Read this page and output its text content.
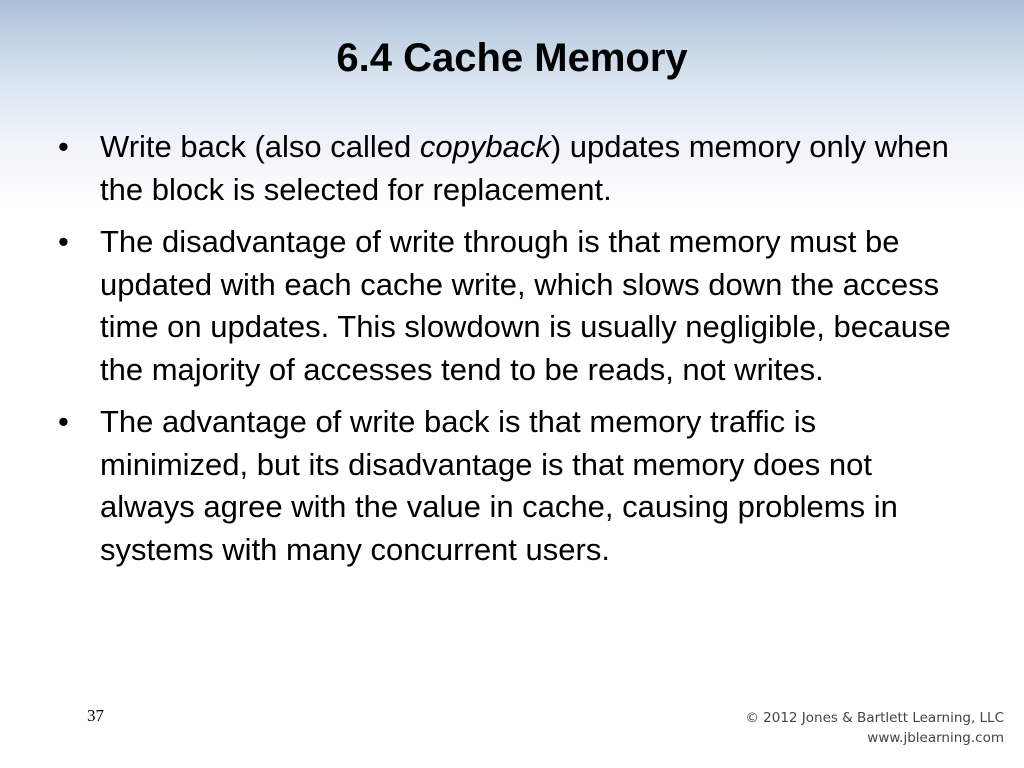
6.4 Cache Memory
• Write back (also called copyback) updates memory only when the block is selected for replacement.
• The disadvantage of write through is that memory must be updated with each cache write, which slows down the access time on updates. This slowdown is usually negligible, because the majority of accesses tend to be reads, not writes.
• The advantage of write back is that memory traffic is minimized, but its disadvantage is that memory does not always agree with the value in cache, causing problems in systems with many concurrent users.
37	© 2012 Jones & Bartlett Learning, LLC
www.jblearning.com
